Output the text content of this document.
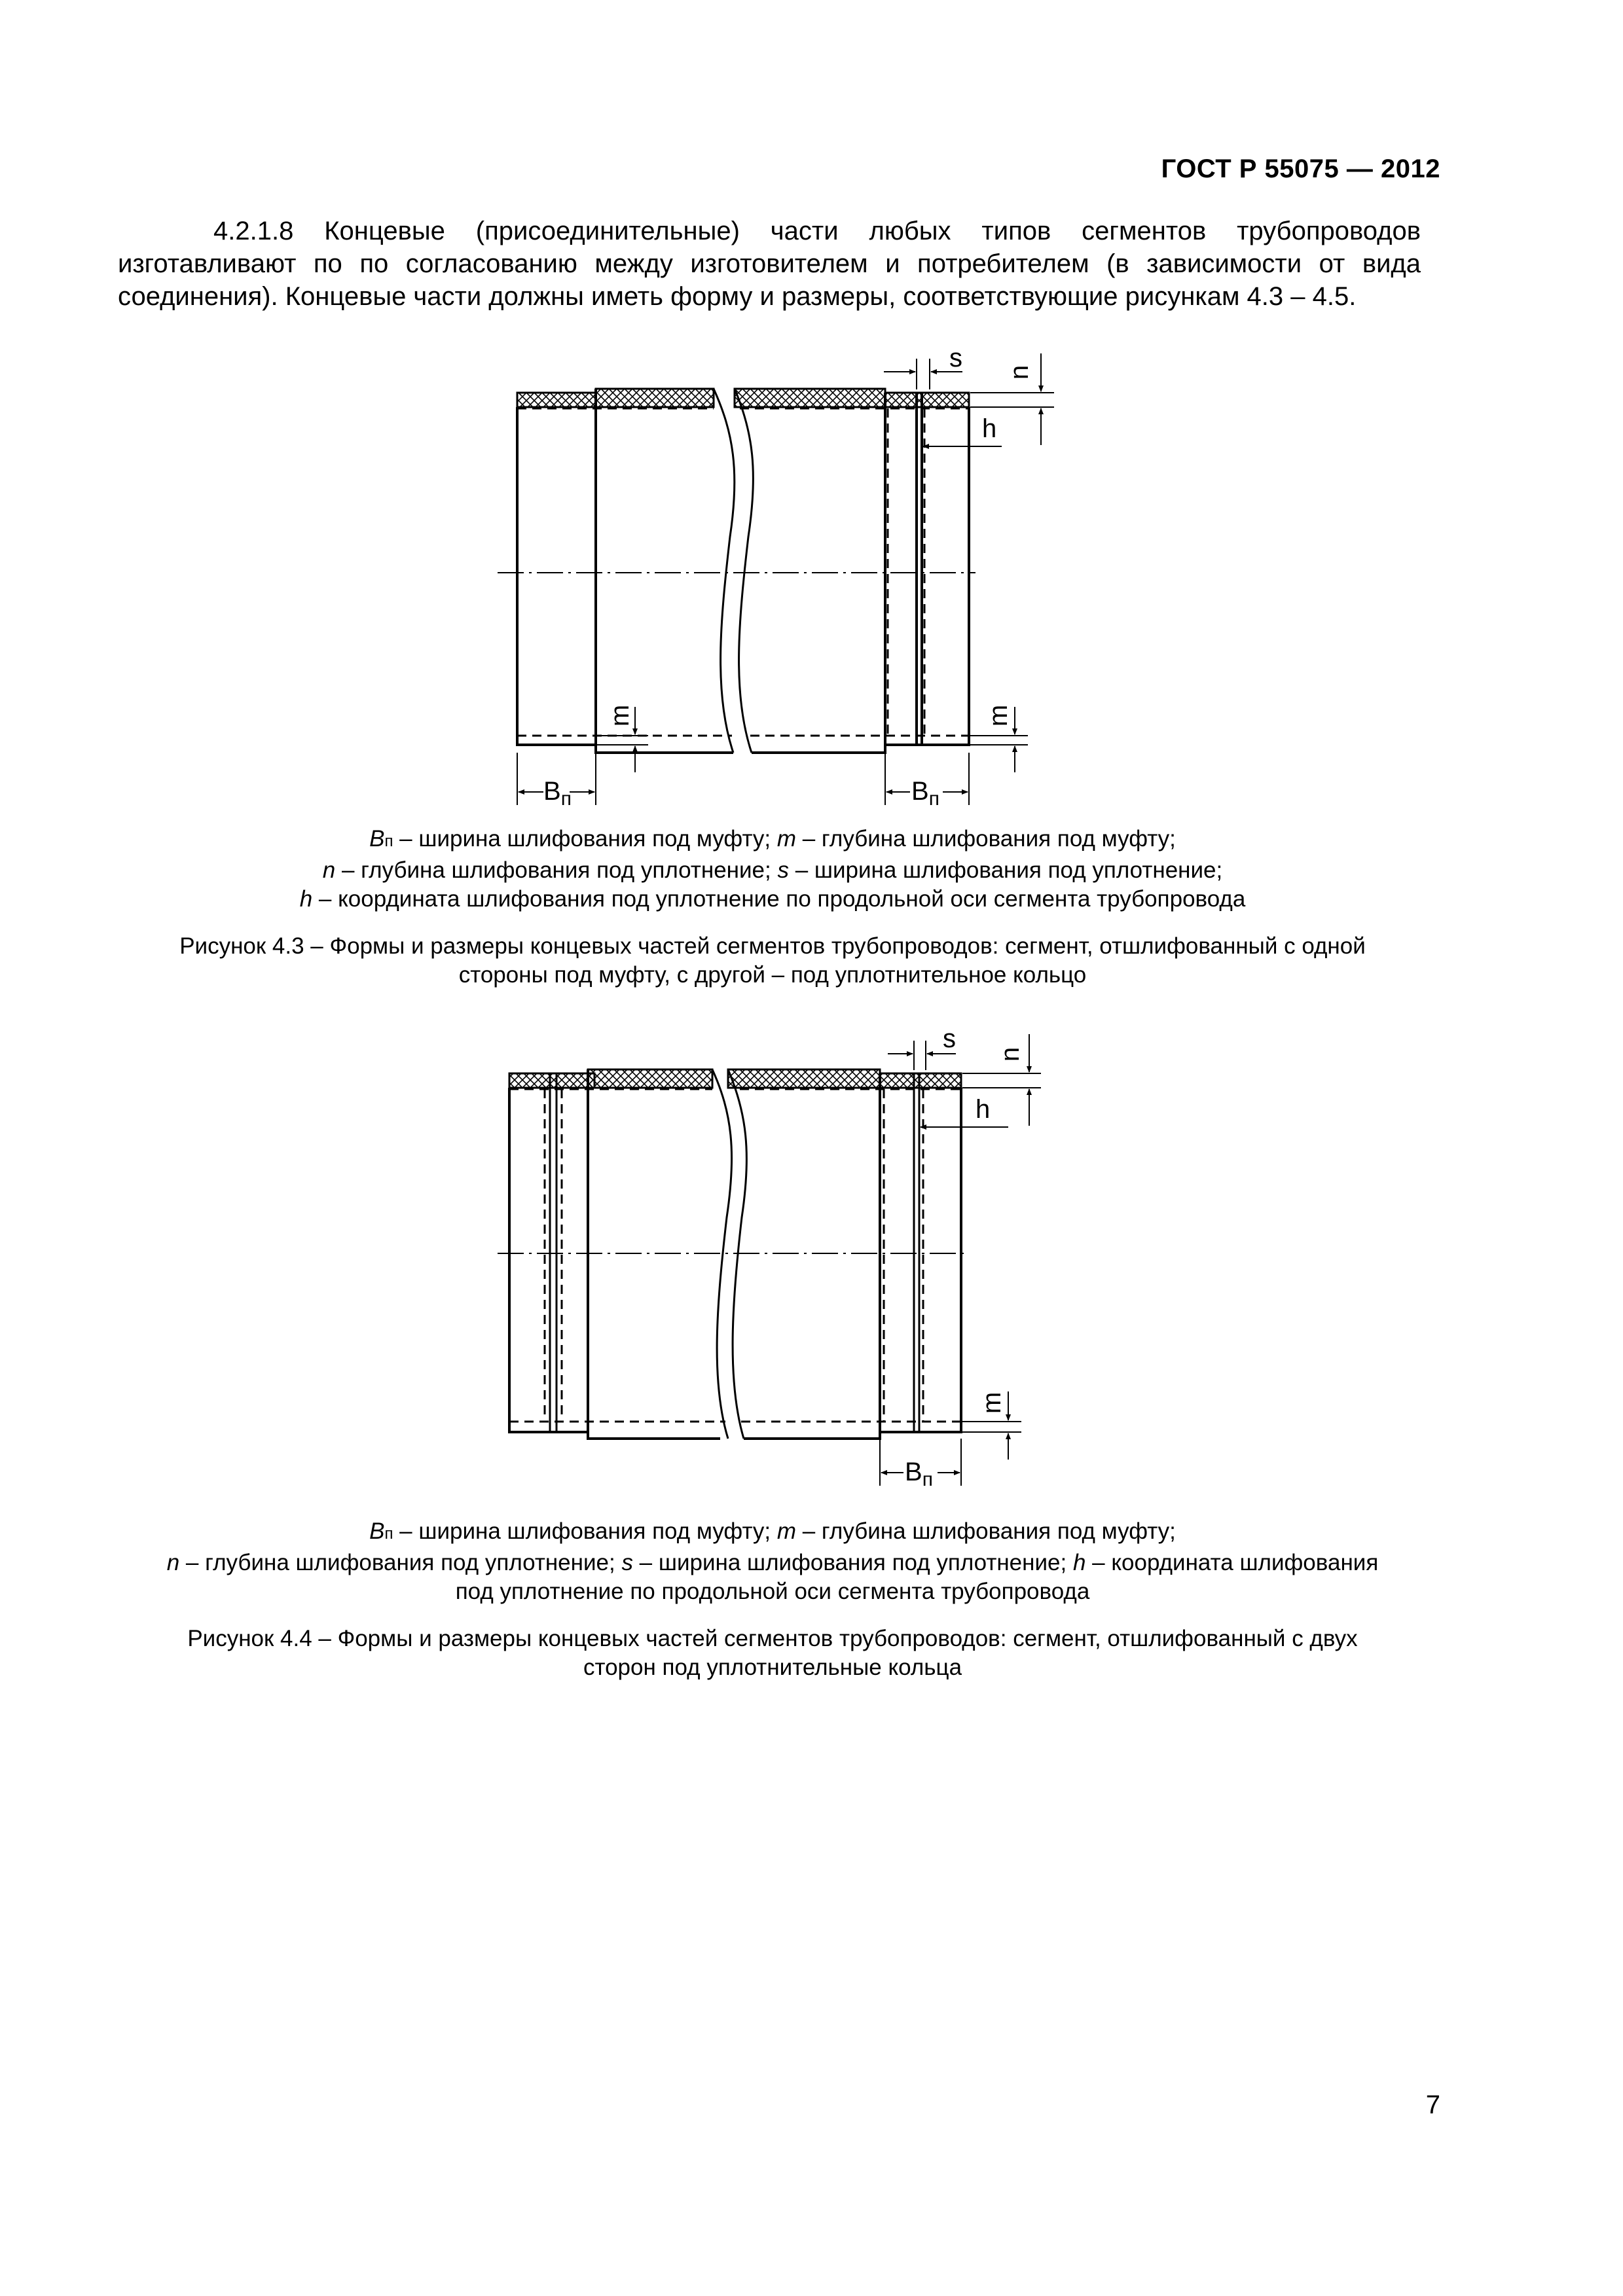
ГОСТ Р 55075 — 2012

4.2.1.8 Концевые (присоединительные) части любых типов сегментов трубопроводов изготавливают по по согласованию между изготовителем и потребителем (в зависимости от вида соединения). Концевые части должны иметь форму и размеры, соответствующие рисункам 4.3 – 4.5.

s n
h
m	m
$B_п$	$B_п$
s
n
h
m
$B_п$
Вп – ширина шлифования под муфту; m – глубина шлифования под муфту;
n – глубина шлифования под уплотнение; s – ширина шлифования под уплотнение;
h – координата шлифования под уплотнение по продольной оси сегмента трубопровода
Рисунок 4.3 – Формы и размеры концевых частей сегментов трубопроводов: сегмент, отшлифованный с одной
стороны под муфту, с другой – под уплотнительное кольцо
Вп – ширина шлифования под муфту; m – глубина шлифования под муфту;
n – глубина шлифования под уплотнение; s – ширина шлифования под уплотнение; h – координата шлифования
под уплотнение по продольной оси сегмента трубопровода
Рисунок 4.4 – Формы и размеры концевых частей сегментов трубопроводов: сегмент, отшлифованный с двух
сторон под уплотнительные кольца
7
